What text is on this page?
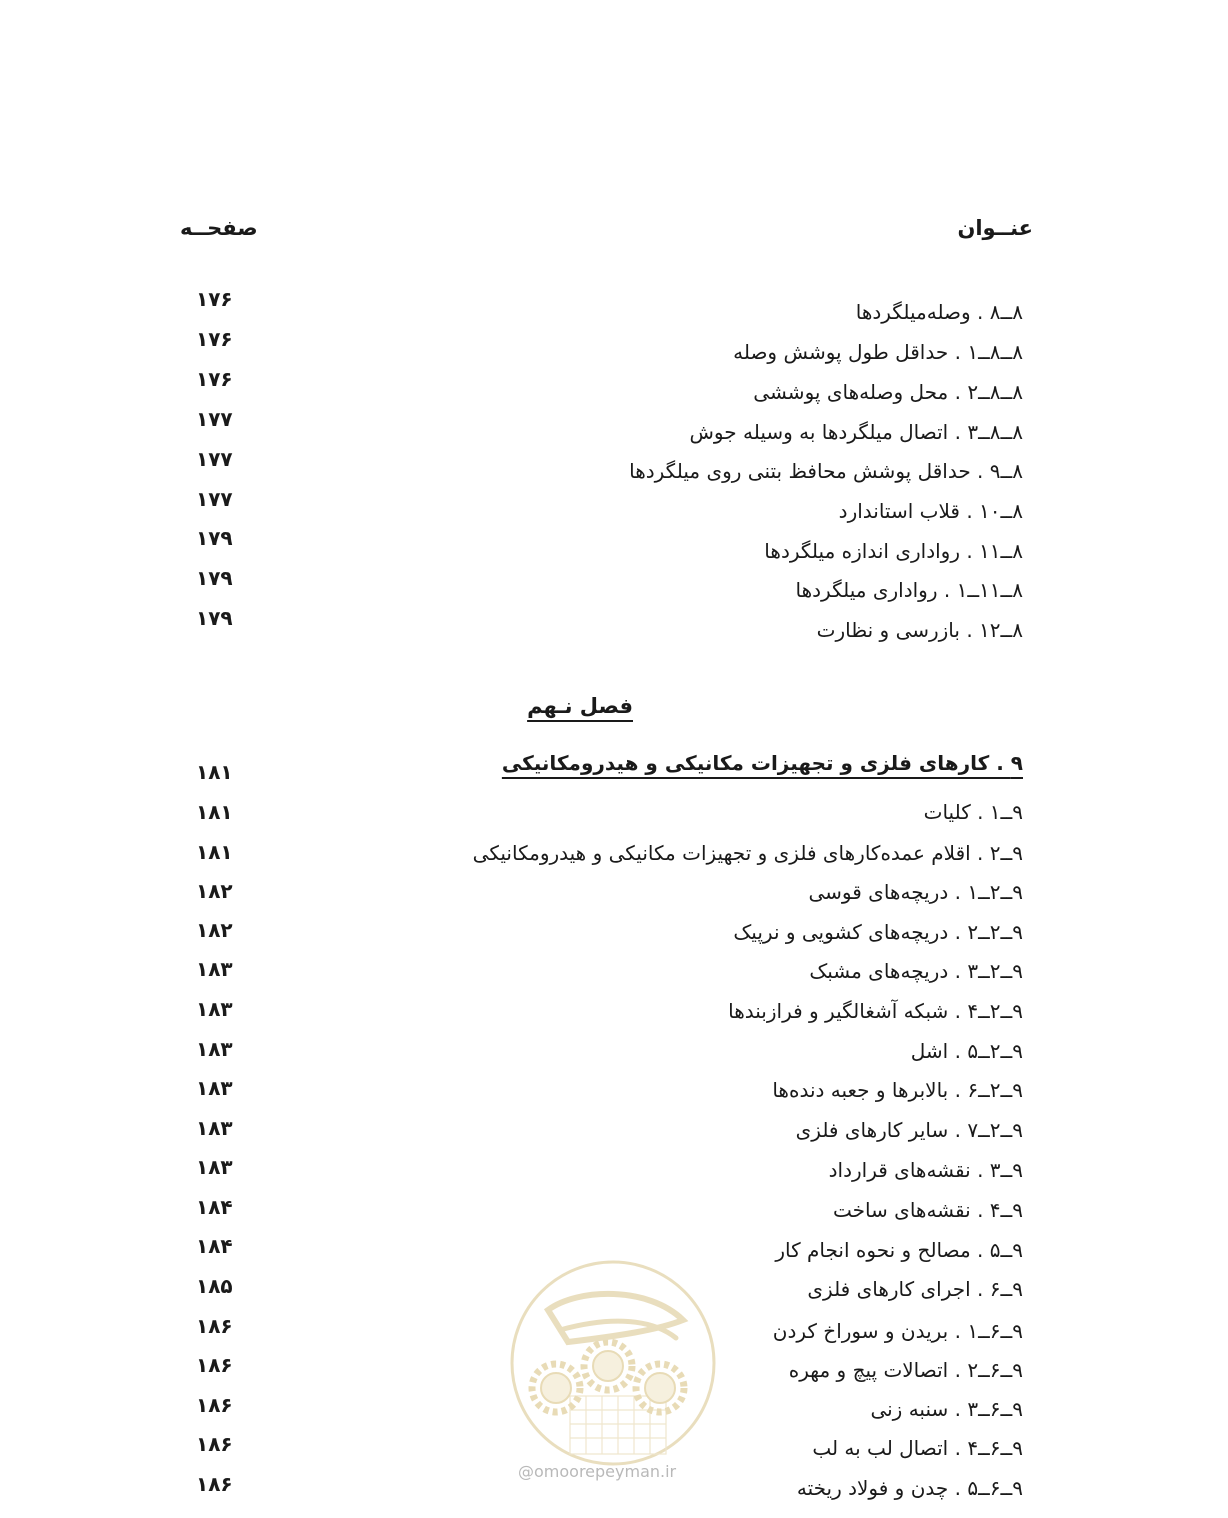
عنــوان
صفحــه
۸ــ۸ . وصله‌میلگردها
۱۷۶
۸ــ۸ــ۱ . حداقل طول پوشش وصله
۱۷۶
۸ــ۸ــ۲ . محل وصله‌های پوششی
۱۷۶
۸ــ۸ــ۳ . اتصال میلگردها به وسیله جوش
۱۷۷
۸ــ۹ . حداقل پوشش محافظ بتنی روی میلگردها
۱۷۷
۸ــ۱۰ . قلاب استاندارد
۱۷۷
۸ــ۱۱ . رواداری اندازه میلگردها
۱۷۹
۸ــ۱۱ــ۱ . رواداری میلگردها
۱۷۹
۸ــ۱۲ . بازرسی و نظارت
۱۷۹
فصل نـهم
۹ . کارهای فلزی و تجهیزات مکانیکی و هیدرومکانیکی
۱۸۱
۹ــ۱ . کلیات
۱۸۱
۹ــ۲ . اقلام عمده‌کارهای فلزی و تجهیزات مکانیکی و هیدرومکانیکی
۱۸۱
۹ــ۲ــ۱ . دریچه‌های قوسی
۱۸۲
۹ــ۲ــ۲ . دریچه‌های کشویی و نرپیک
۱۸۲
۹ــ۲ــ۳ . دریچه‌های مشبک
۱۸۳
۹ــ۲ــ۴ . شبکه آشغالگیر و فرازبندها
۱۸۳
۹ــ۲ــ۵ . اشل
۱۸۳
۹ــ۲ــ۶ . بالابرها و جعبه دنده‌ها
۱۸۳
۹ــ۲ــ۷ . سایر کارهای فلزی
۱۸۳
۹ــ۳ . نقشه‌های قرارداد
۱۸۳
۹ــ۴ . نقشه‌های ساخت
۱۸۴
۹ــ۵ . مصالح و نحوه انجام کار
۱۸۴
۹ــ۶ . اجرای کارهای فلزی
۱۸۵
۹ــ۶ــ۱ . بریدن و سوراخ کردن
۱۸۶
۹ــ۶ــ۲ . اتصالات پیچ و مهره
۱۸۶
۹ــ۶ــ۳ . سنبه زنی
۱۸۶
۹ــ۶ــ۴ . اتصال لب به لب
۱۸۶
۹ــ۶ــ۵ . چدن و فولاد ریخته
۱۸۶
@omoorepeyman.ir
